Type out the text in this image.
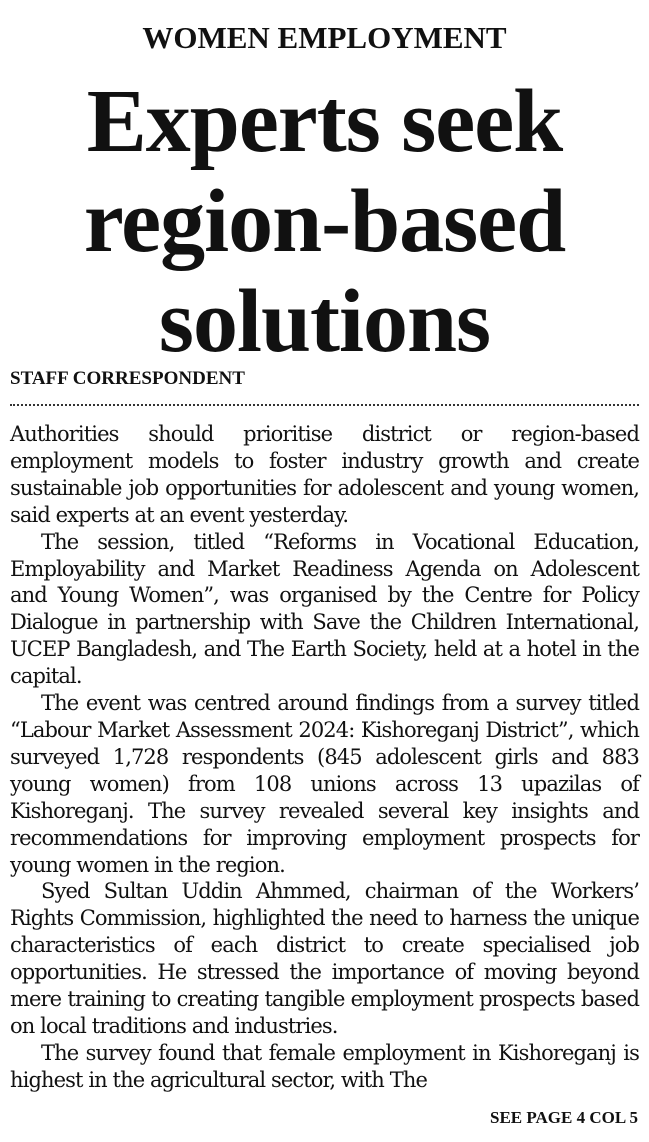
WOMEN EMPLOYMENT
Experts seek
region-based
solutions
STAFF CORRESPONDENT

Authorities should prioritise district or region-based employment models to foster industry growth and create sustainable job opportunities for adolescent and young women, said experts at an event yesterday.

The session, titled “Reforms in Vocational Education, Employability and Market Readiness Agenda on Adolescent and Young Women”, was organised by the Centre for Policy Dialogue in partnership with Save the Children International, UCEP Bangladesh, and The Earth Society, held at a hotel in the capital.

The event was centred around findings from a survey titled “Labour Market Assessment 2024: Kishoreganj District”, which surveyed 1,728 respondents (845 adolescent girls and 883 young women) from 108 unions across 13 upazilas of Kishoreganj. The survey revealed several key insights and recommendations for improving employment prospects for young women in the region.

Syed Sultan Uddin Ahmmed, chairman of the Workers’ Rights Commission, highlighted the need to harness the unique characteristics of each district to create specialised job opportunities. He stressed the importance of moving beyond mere training to creating tangible employment prospects based on local traditions and industries.

The survey found that female employment in Kishoreganj is highest in the agricultural sector, with The

SEE PAGE 4 COL 5
